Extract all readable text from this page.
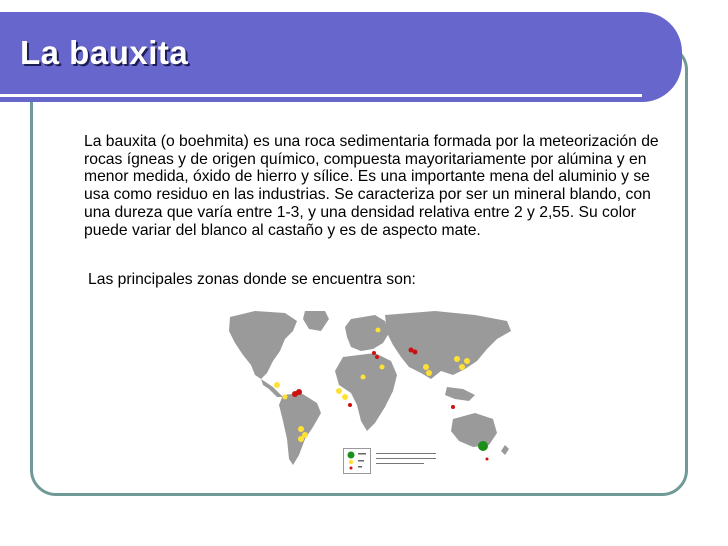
La bauxita

La bauxita (o boehmita) es una roca sedimentaria formada por la meteorización de rocas ígneas y de origen químico, compuesta mayoritariamente por alúmina y en menor medida, óxido de hierro y sílice. Es una importante mena del aluminio y se usa como residuo en las industrias. Se caracteriza por ser un mineral blando, con una dureza que varía entre 1-3, y una densidad relativa entre 2 y 2,55. Su color puede variar del blanco al castaño y es de aspecto mate.

Las principales zonas donde se encuentra son:
